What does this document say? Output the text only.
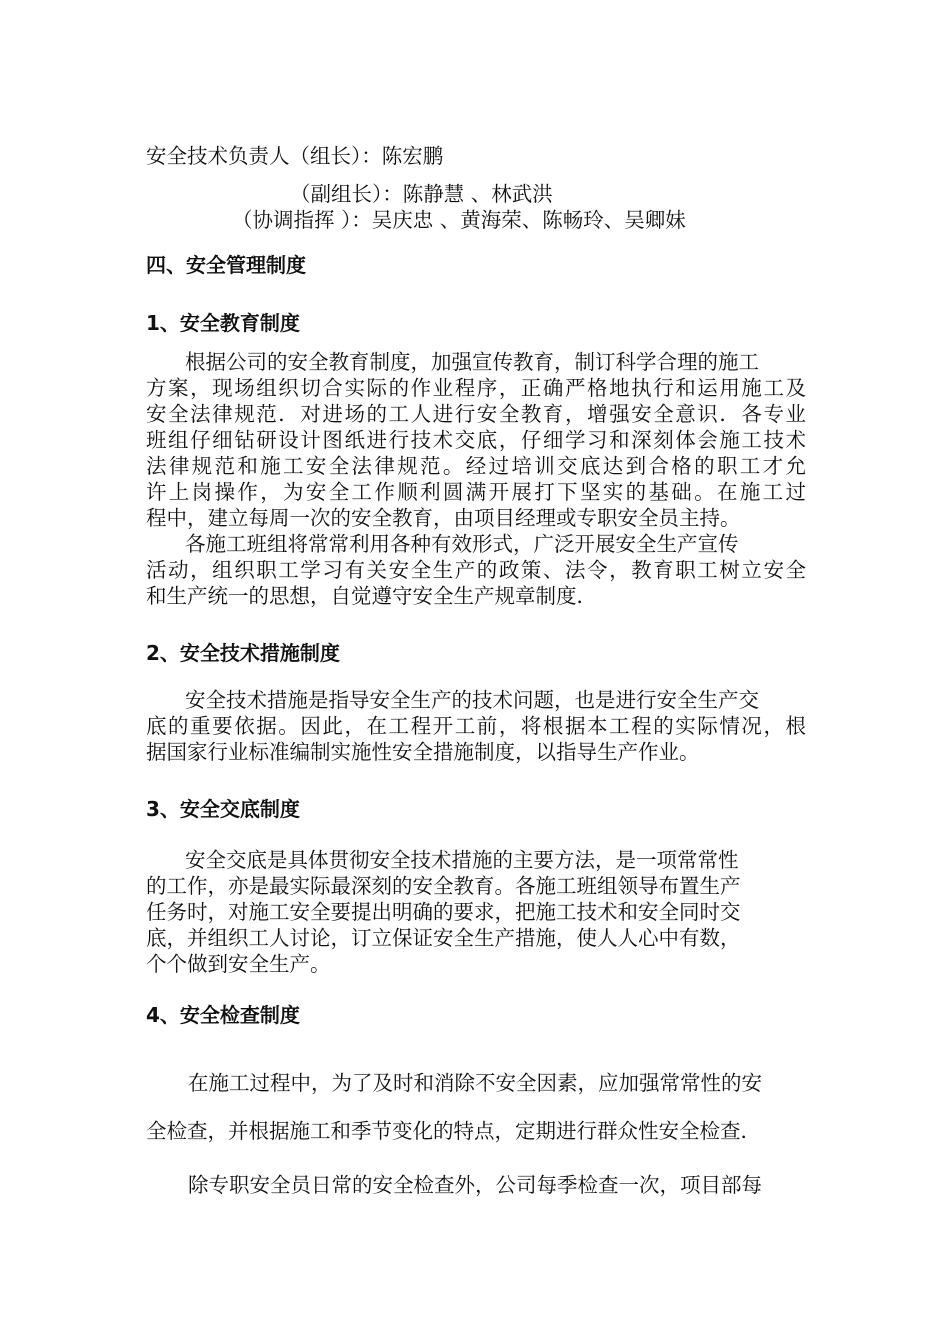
安全技术负责人（组长）：陈宏鹏
（副组长）：陈静慧 、林武洪
（协调指挥 ）：吴庆忠 、黄海荣、陈畅玲、吴卿妹
四、安全管理制度
1、安全教育制度
根据公司的安全教育制度，加强宣传教育，制订科学合理的施工
方案，现场组织切合实际的作业程序，正确严格地执行和运用施工及
安全法律规范．对进场的工人进行安全教育，增强安全意识．各专业
班组仔细钻研设计图纸进行技术交底，仔细学习和深刻体会施工技术
法律规范和施工安全法律规范。经过培训交底达到合格的职工才允
许上岗操作，为安全工作顺利圆满开展打下坚实的基础。在施工过
程中，建立每周一次的安全教育，由项目经理或专职安全员主持。
各施工班组将常常利用各种有效形式，广泛开展安全生产宣传
活动，组织职工学习有关安全生产的政策、法令，教育职工树立安全
和生产统一的思想，自觉遵守安全生产规章制度．
2、安全技术措施制度
安全技术措施是指导安全生产的技术问题，也是进行安全生产交
底的重要依据。因此，在工程开工前，将根据本工程的实际情况，根
据国家行业标准编制实施性安全措施制度，以指导生产作业。
3、安全交底制度
安全交底是具体贯彻安全技术措施的主要方法，是一项常常性
的工作，亦是最实际最深刻的安全教育。各施工班组领导布置生产
任务时，对施工安全要提出明确的要求，把施工技术和安全同时交
底，并组织工人讨论，订立保证安全生产措施，使人人心中有数，
个个做到安全生产。
4、安全检查制度
在施工过程中，为了及时和消除不安全因素，应加强常常性的安
全检查，并根据施工和季节变化的特点，定期进行群众性安全检查．
除专职安全员日常的安全检查外，公司每季检查一次，项目部每
